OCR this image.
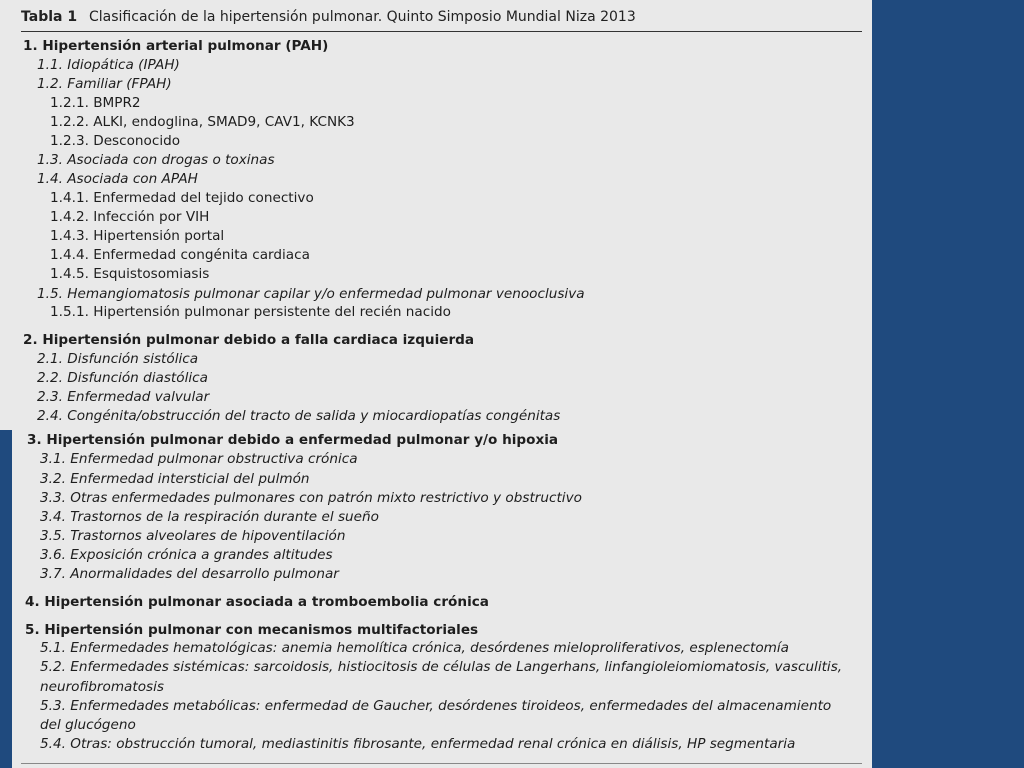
Tabla 1 Clasificación de la hipertensión pulmonar. Quinto Simposio Mundial Niza 2013
1. Hipertensión arterial pulmonar (PAH)
1.1. Idiopática (IPAH)
1.2. Familiar (FPAH)
1.2.1. BMPR2
1.2.2. ALKI, endoglina, SMAD9, CAV1, KCNK3
1.2.3. Desconocido
1.3. Asociada con drogas o toxinas
1.4. Asociada con APAH
1.4.1. Enfermedad del tejido conectivo
1.4.2. Infección por VIH
1.4.3. Hipertensión portal
1.4.4. Enfermedad congénita cardiaca
1.4.5. Esquistosomiasis
1.5. Hemangiomatosis pulmonar capilar y/o enfermedad pulmonar venooclusiva
1.5.1. Hipertensión pulmonar persistente del recién nacido
2. Hipertensión pulmonar debido a falla cardiaca izquierda
2.1. Disfunción sistólica
2.2. Disfunción diastólica
2.3. Enfermedad valvular
2.4. Congénita/obstrucción del tracto de salida y miocardiopatías congénitas
3. Hipertensión pulmonar debido a enfermedad pulmonar y/o hipoxia
3.1. Enfermedad pulmonar obstructiva crónica
3.2. Enfermedad intersticial del pulmón
3.3. Otras enfermedades pulmonares con patrón mixto restrictivo y obstructivo
3.4. Trastornos de la respiración durante el sueño
3.5. Trastornos alveolares de hipoventilación
3.6. Exposición crónica a grandes altitudes
3.7. Anormalidades del desarrollo pulmonar
4. Hipertensión pulmonar asociada a tromboembolia crónica
5. Hipertensión pulmonar con mecanismos multifactoriales
5.1. Enfermedades hematológicas: anemia hemolítica crónica, desórdenes mieloproliferativos, esplenectomía
5.2. Enfermedades sistémicas: sarcoidosis, histiocitosis de células de Langerhans, linfangioleiomiomatosis, vasculitis,
neurofibromatosis
5.3. Enfermedades metabólicas: enfermedad de Gaucher, desórdenes tiroideos, enfermedades del almacenamiento
del glucógeno
5.4. Otras: obstrucción tumoral, mediastinitis fibrosante, enfermedad renal crónica en diálisis, HP segmentaria
